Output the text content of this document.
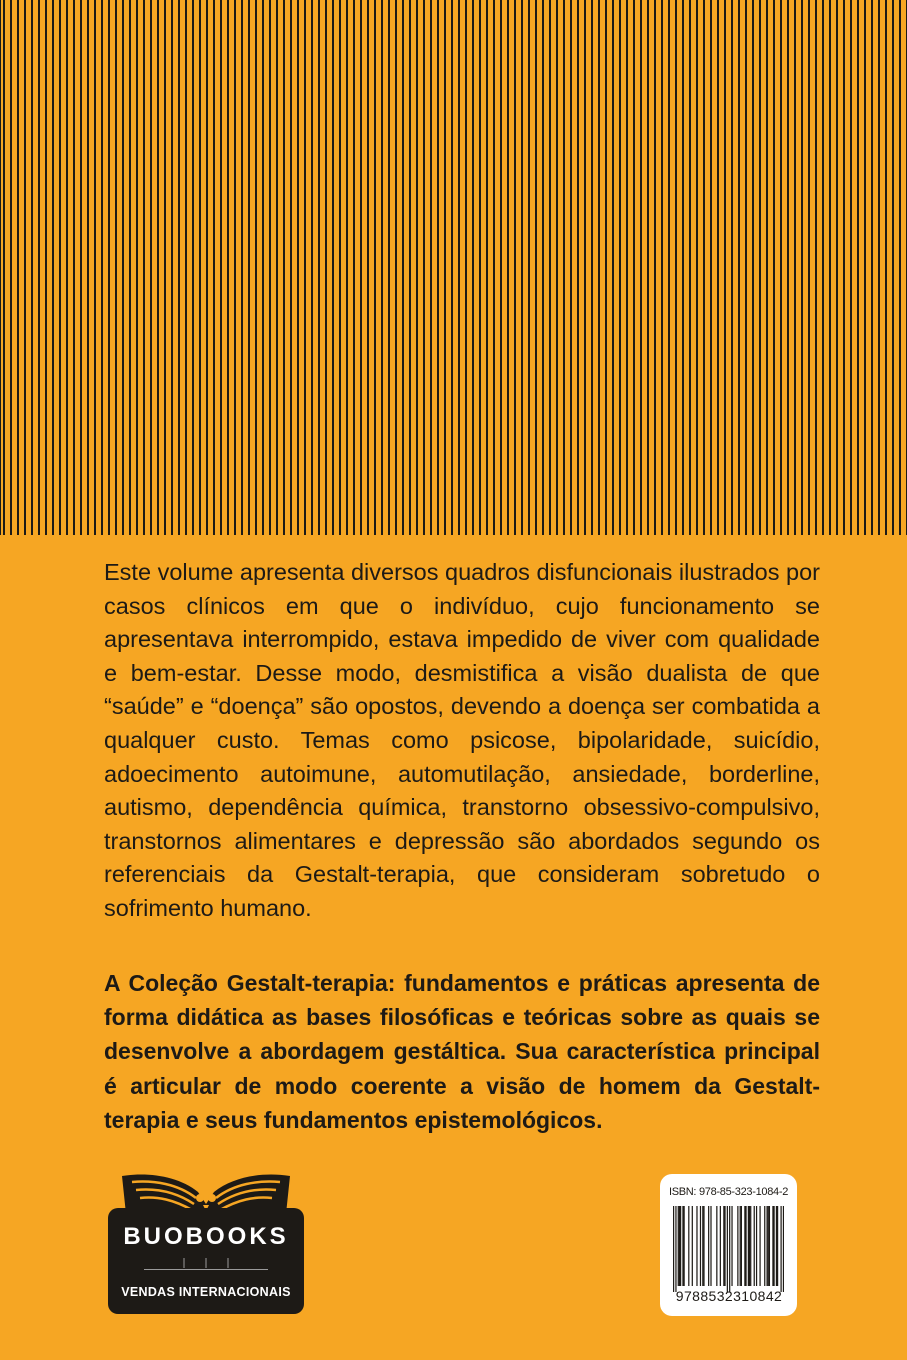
Este volume apresenta diversos quadros disfuncionais ilustrados por casos clínicos em que o indivíduo, cujo funcionamento se apresentava interrompido, estava impedido de viver com qualidade e bem-estar. Desse modo, desmistifica a visão dualista de que “saúde” e “doença” são opostos, devendo a doença ser combatida a qualquer custo. Temas como psicose, bipolaridade, suicídio, adoecimento autoimune, automutilação, ansiedade, borderline, autismo, dependência química, transtorno obsessivo-compulsivo, transtornos alimentares e depressão são abordados segundo os referenciais da Gestalt-terapia, que consideram sobretudo o sofrimento humano.

A Coleção Gestalt-terapia: fundamentos e práticas apresenta de forma didática as bases filosóficas e teóricas sobre as quais se desenvolve a abordagem gestáltica. Sua característica principal é articular de modo coerente a visão de homem da Gestalt-terapia e seus fundamentos epistemológicos.

BUOBOOKS
VENDAS INTERNACIONAIS
ISBN: 978-85-323-1084-2
9788532310842
